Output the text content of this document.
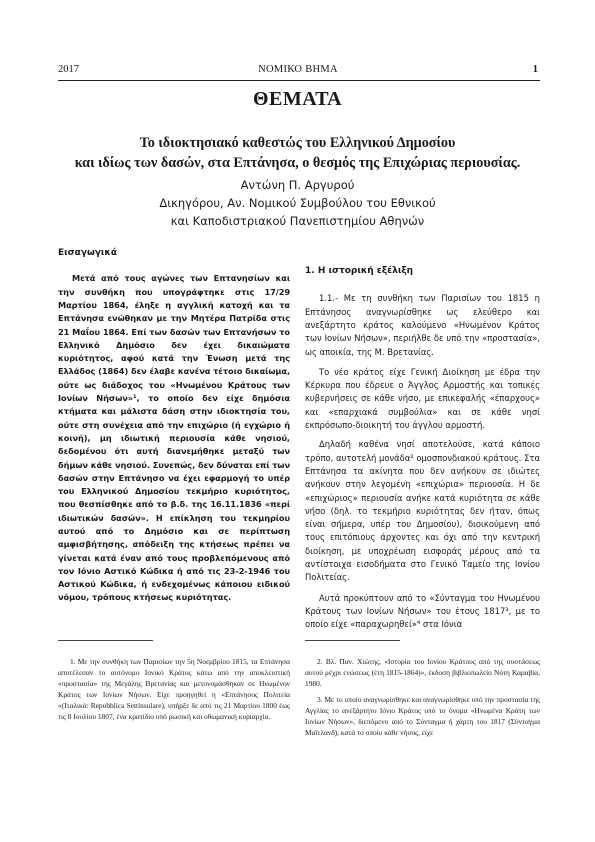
2017	ΝΟΜΙΚΟ ΒΗΜΑ	1
ΘΕΜΑΤΑ
Το ιδιοκτησιακό καθεστώς του Ελληνικού Δημοσίου
και ιδίως των δασών, στα Επτάνησα, ο θεσμός της Επιχώριας περιουσίας.
Αντώνη Π. Αργυρού
Δικηγόρου, Αν. Νομικού Συμβούλου του Εθνικού
και Καποδιστριακού Πανεπιστημίου Αθηνών
Εισαγωγικά

Μετά από τους αγώνες των Επτανησίων και την συνθήκη που υπογράφτηκε στις 17/29 Μαρτίου 1864, έληξε η αγγλική κατοχή και τα Επτάνησα ενώθηκαν με την Μητέρα Πατρίδα στις 21 Μαΐου 1864. Επί των δασών των Επτανήσων το Ελληνικό Δημόσιο δεν έχει δικαιώματα κυριότητος, αφού κατά την Ένωση μετά της Ελλάδος (1864) δεν έλαβε κανένα τέτοιο δικαίωμα, ούτε ως διάδοχος του «Ηνωμένου Κράτους των Ιονίων Νήσων»¹, το οποίο δεν είχε δημόσια κτήματα και μάλιστα δάση στην ιδιοκτησία του, ούτε στη συνέχεια από την επιχώριο (ή εγχώριο ή κοινή), μη ιδιωτική περιουσία κάθε νησιού, δεδομένου ότι αυτή διανεμήθηκε μεταξύ των δήμων κάθε νησιού. Συνεπώς, δεν δύναται επί των δασών στην Επτάνησο να έχει εφαρμογή το υπέρ του Ελληνικού Δημοσίου τεκμήριο κυριότητος, που θεσπίσθηκε από το β.δ. της 16.11.1836 «περί ιδιωτικών δασών». Η επίκληση του τεκμηρίου αυτού από το Δημόσιο και σε περίπτωση αμφισβήτησης, απόδειξη της κτήσεως πρέπει να γίνεται κατά έναν από τους προβλεπόμενους από τον Ιόνιο Αστικό Κώδικα ή από τις 23-2-1946 του Αστικού Κώδικα, ή ενδεχομένως κάποιου ειδικού νόμου, τρόπους κτήσεως κυριότητας.

1. Η ιστορική εξέλιξη

1.1.- Με τη συνθήκη των Παρισίων του 1815 η Επτάνησος αναγνωρίσθηκε ως ελεύθερο και ανεξάρτητο κράτος καλούμενο «Ηνωμένον Κράτος των Ιονίων Νήσων», περιήλθε δε υπό την «προστασία», ως αποικία, της Μ. Βρετανίας.

Το νέο κράτος είχε Γενική Διοίκηση με έδρα την Κέρκυρα που έδρευε ο Άγγλος Αρμοστής και τοπικές κυβερνήσεις σε κάθε νήσο, με επικεφαλής «έπαρχους» και «επαρχιακά συμβούλια» και σε κάθε νησί εκπρόσωπο-διοικητή του άγγλου αρμοστή.

Δηλαδή καθένα νησί αποτελούσε, κατά κάποιο τρόπο, αυτοτελή μονάδα² ομοσπονδιακού κράτους. Στα Επτάνησα τα ακίνητα που δεν ανήκουν σε ιδιώτες ανήκουν στην λεγομένη «επιχώρια» περιουσία. Η δε «επιχώριος» περιουσία ανήκε κατά κυριότητα σε κάθε νήσο (δηλ. το τεκμήριο κυριότητας δεν ήταν, όπως είναι σήμερα, υπέρ του Δημοσίου), διοικούμενη από τους επιτόπιους άρχοντες και όχι από την κεντρική διοίκηση, με υποχρέωση εισφοράς μέρους από τα αντίστοιχα εισοδήματα στο Γενικό Ταμείο της Ιονίου Πολιτείας.

Αυτά προκύπτουν από το «Σύνταγμα του Ηνωμένου Κράτους των Ιονίων Νήσων» του έτους 1817³, με το οποίο είχε «παραχωρηθεί»⁴ στα Ιόνια

1. Με την συνθήκη των Παρισίων την 5η Νοεμβρίου 1815, τα Επτάνησα αποτέλεσαν το αυτόνομο Ιονικό Κράτος κάτω από την αποκλειστική «προστασία» της Μεγάλης Βρετανίας και μετονομάσθηκαν σε Ηνωμένον Κράτος των Ιονίων Νήσων. Είχε προηγηθεί η «Επτάνησος Πολιτεία «(Ιταλικά: Repubblica Settinsulare), υπήρξε δε από τις 21 Μαρτίου 1800 έως τις 8 Ιουλίου 1807, ένα κρατίδιο υπό ρωσική και οθωμανική κυριαρχία.

2. Βλ. Παν. Χιώτης, «Ιστορία του Ιονίου Κράτους από της συστάσεως αυτού μέχρι ενώσεως (έτη 1815-1864)», έκδοση βιβλιοπωλείο Νότη Καραβία, 1980.

3. Με το οποίο αναγνωρίσθηκε και αναγνωρίσθηκε υπό την προστασία της Αγγλίας το ανεξάρτητο Ιόνιο Κράτος υπό το όνομα «Ηνωμένα Κράτη των Ιονίων Νήσων», διεπόμενο από το Σύνταγμα ή χάρτη του 1817 (Σύνταγμα Μαϊτλανδ), κατά το οποίο κάθε νήσος, είχε
